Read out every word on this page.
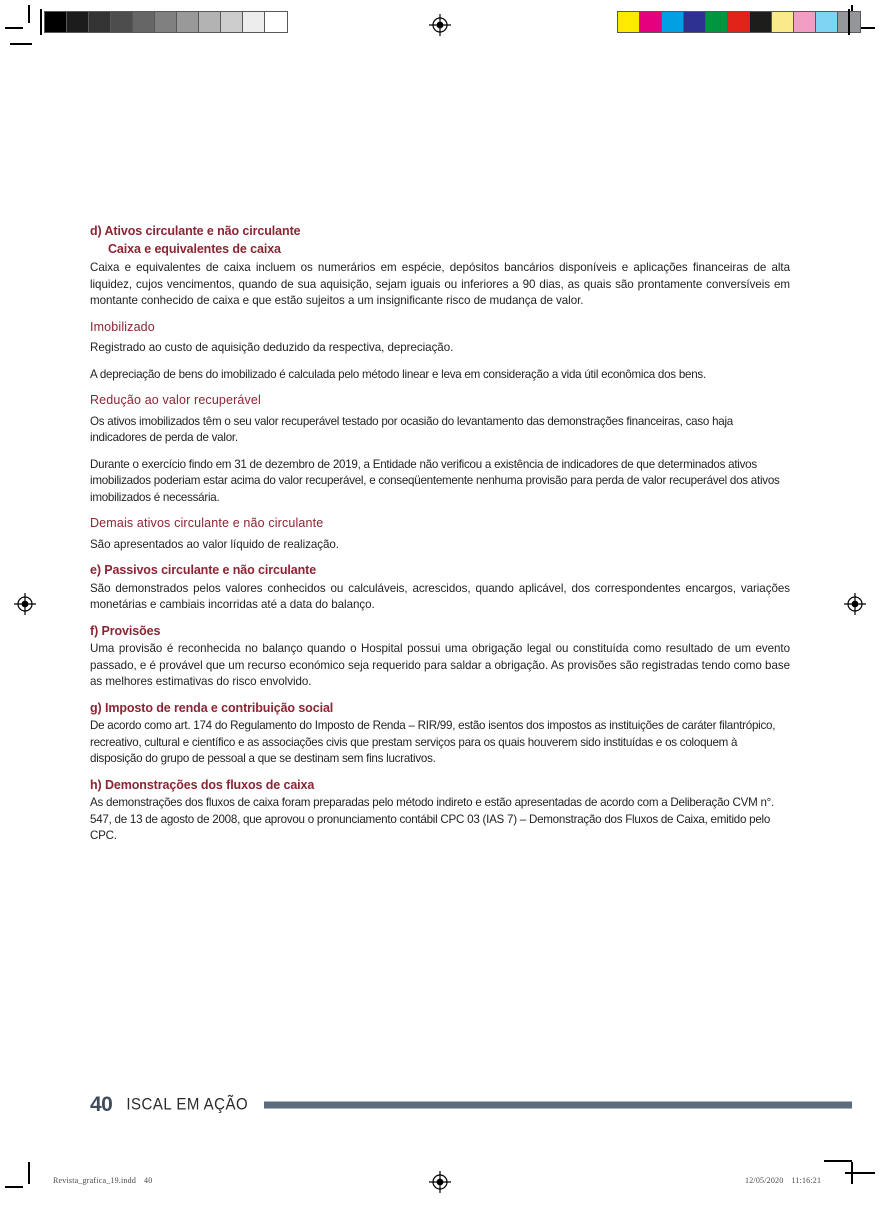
Revista_grafica_19.indd 40	12/05/2020 11:16:21
d) Ativos circulante e não circulante
Caixa e equivalentes de caixa

Caixa e equivalentes de caixa incluem os numerários em espécie, depósitos bancários disponíveis e aplicações financeiras de alta liquidez, cujos vencimentos, quando de sua aquisição, sejam iguais ou inferiores a 90 dias, as quais são prontamente conversíveis em montante conhecido de caixa e que estão sujeitos a um insignificante risco de mudança de valor.

Imobilizado

Registrado ao custo de aquisição deduzido da respectiva, depreciação.

A depreciação de bens do imobilizado é calculada pelo método linear e leva em consideração a vida útil econômica dos bens.

Redução ao valor recuperável

Os ativos imobilizados têm o seu valor recuperável testado por ocasião do levantamento das demonstrações financeiras, caso haja indicadores de perda de valor.

Durante o exercício findo em 31 de dezembro de 2019, a Entidade não verificou a existência de indicadores de que determinados ativos imobilizados poderiam estar acima do valor recuperável, e conseqüentemente nenhuma provisão para perda de valor recuperável dos ativos imobilizados é necessária.

Demais ativos circulante e não circulante

São apresentados ao valor líquido de realização.

e) Passivos circulante e não circulante

São demonstrados pelos valores conhecidos ou calculáveis, acrescidos, quando aplicável, dos correspondentes encargos, variações monetárias e cambiais incorridas até a data do balanço.

f) Provisões

Uma provisão é reconhecida no balanço quando o Hospital possui uma obrigação legal ou constituída como resultado de um evento passado, e é provável que um recurso económico seja requerido para saldar a obrigação. As provisões são registradas tendo como base as melhores estimativas do risco envolvido.

g) Imposto de renda e contribuição social

De acordo como art. 174 do Regulamento do Imposto de Renda – RIR/99, estão isentos dos impostos as instituições de caráter filantrópico, recreativo, cultural e científico e as associações civis que prestam serviços para os quais houverem sido instituídas e os coloquem à disposição do grupo de pessoal a que se destinam sem fins lucrativos.

h) Demonstrações dos fluxos de caixa

As demonstrações dos fluxos de caixa foram preparadas pelo método indireto e estão apresentadas de acordo com a Deliberação CVM n°. 547, de 13 de agosto de 2008, que aprovou o pronunciamento contábil CPC 03 (IAS 7) – Demonstração dos Fluxos de Caixa, emitido pelo CPC.

40 ISCAL EM AÇÃO
